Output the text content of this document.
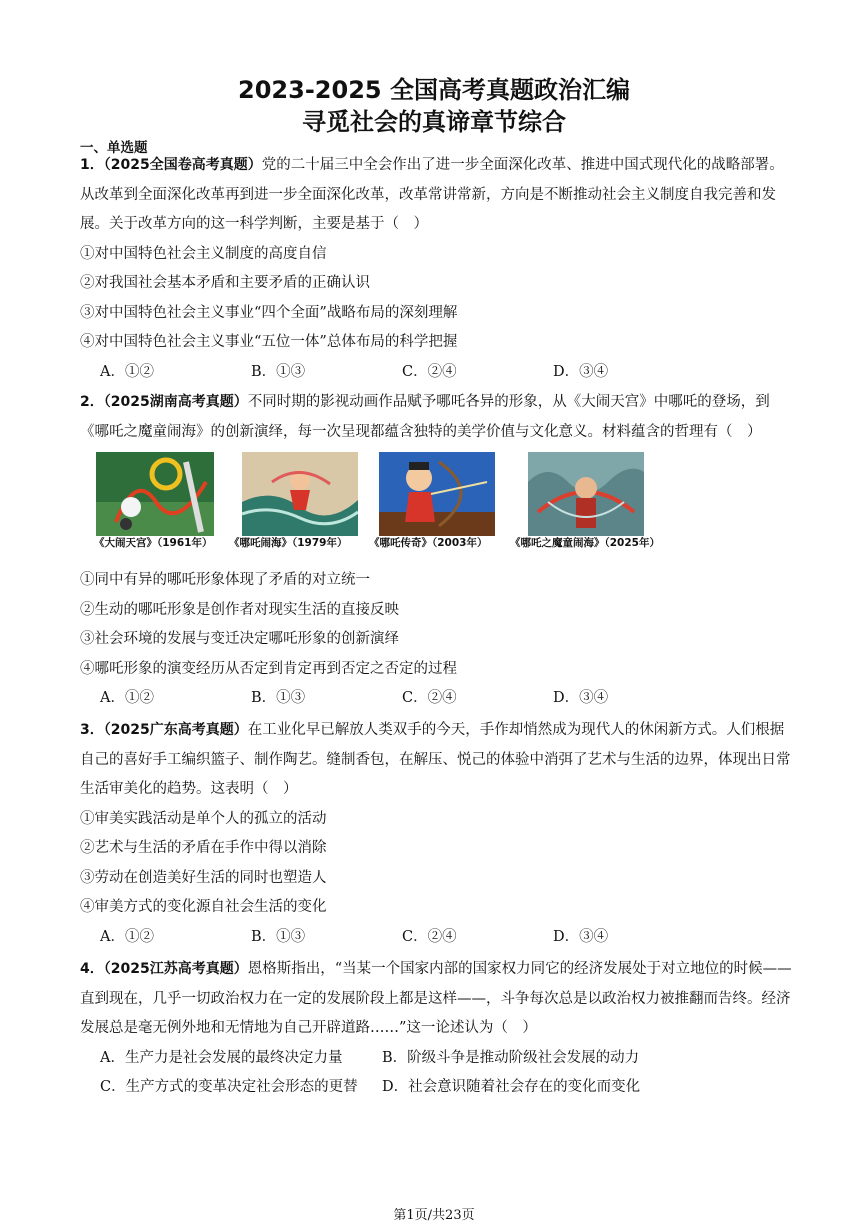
2023-2025 全国高考真题政治汇编
寻觅社会的真谛章节综合
一、单选题

1．（2025全国卷高考真题）党的二十届三中全会作出了进一步全面深化改革、推进中国式现代化的战略部署。从改革到全面深化改革再到进一步全面深化改革，改革常讲常新，方向是不断推动社会主义制度自我完善和发展。关于改革方向的这一科学判断，主要是基于（　）

①对中国特色社会主义制度的高度自信

②对我国社会基本矛盾和主要矛盾的正确认识

③对中国特色社会主义事业“四个全面”战略布局的深刻理解

④对中国特色社会主义事业“五位一体”总体布局的科学把握

A．①②	B．①③	C．②④	D．③④

2．（2025湖南高考真题）不同时期的影视动画作品赋予哪吒各异的形象，从《大闹天宫》中哪吒的登场，到《哪吒之魔童闹海》的创新演绎，每一次呈现都蕴含独特的美学价值与文化意义。材料蕴含的哲理有（　）

《大闹天宫》（1961年） 《哪吒闹海》（1979年） 《哪吒传奇》（2003年） 《哪吒之魔童闹海》（2025年）

①同中有异的哪吒形象体现了矛盾的对立统一

②生动的哪吒形象是创作者对现实生活的直接反映

③社会环境的发展与变迁决定哪吒形象的创新演绎

④哪吒形象的演变经历从否定到肯定再到否定之否定的过程

A．①②	B．①③	C．②④	D．③④

3．（2025广东高考真题）在工业化早已解放人类双手的今天，手作却悄然成为现代人的休闲新方式。人们根据自己的喜好手工编织篮子、制作陶艺。缝制香包，在解压、悦己的体验中消弭了艺术与生活的边界，体现出日常生活审美化的趋势。这表明（　）

①审美实践活动是单个人的孤立的活动

②艺术与生活的矛盾在手作中得以消除

③劳动在创造美好生活的同时也塑造人

④审美方式的变化源自社会生活的变化

A．①②	B．①③	C．②④	D．③④

4．（2025江苏高考真题）恩格斯指出，“当某一个国家内部的国家权力同它的经济发展处于对立地位的时候——直到现在，几乎一切政治权力在一定的发展阶段上都是这样——，斗争每次总是以政治权力被推翻而告终。经济发展总是毫无例外地和无情地为自己开辟道路……”这一论述认为（　）

A．生产力是社会发展的最终决定力量	B．阶级斗争是推动阶级社会发展的动力
C．生产方式的变革决定社会形态的更替	D．社会意识随着社会存在的变化而变化
第1页/共23页
